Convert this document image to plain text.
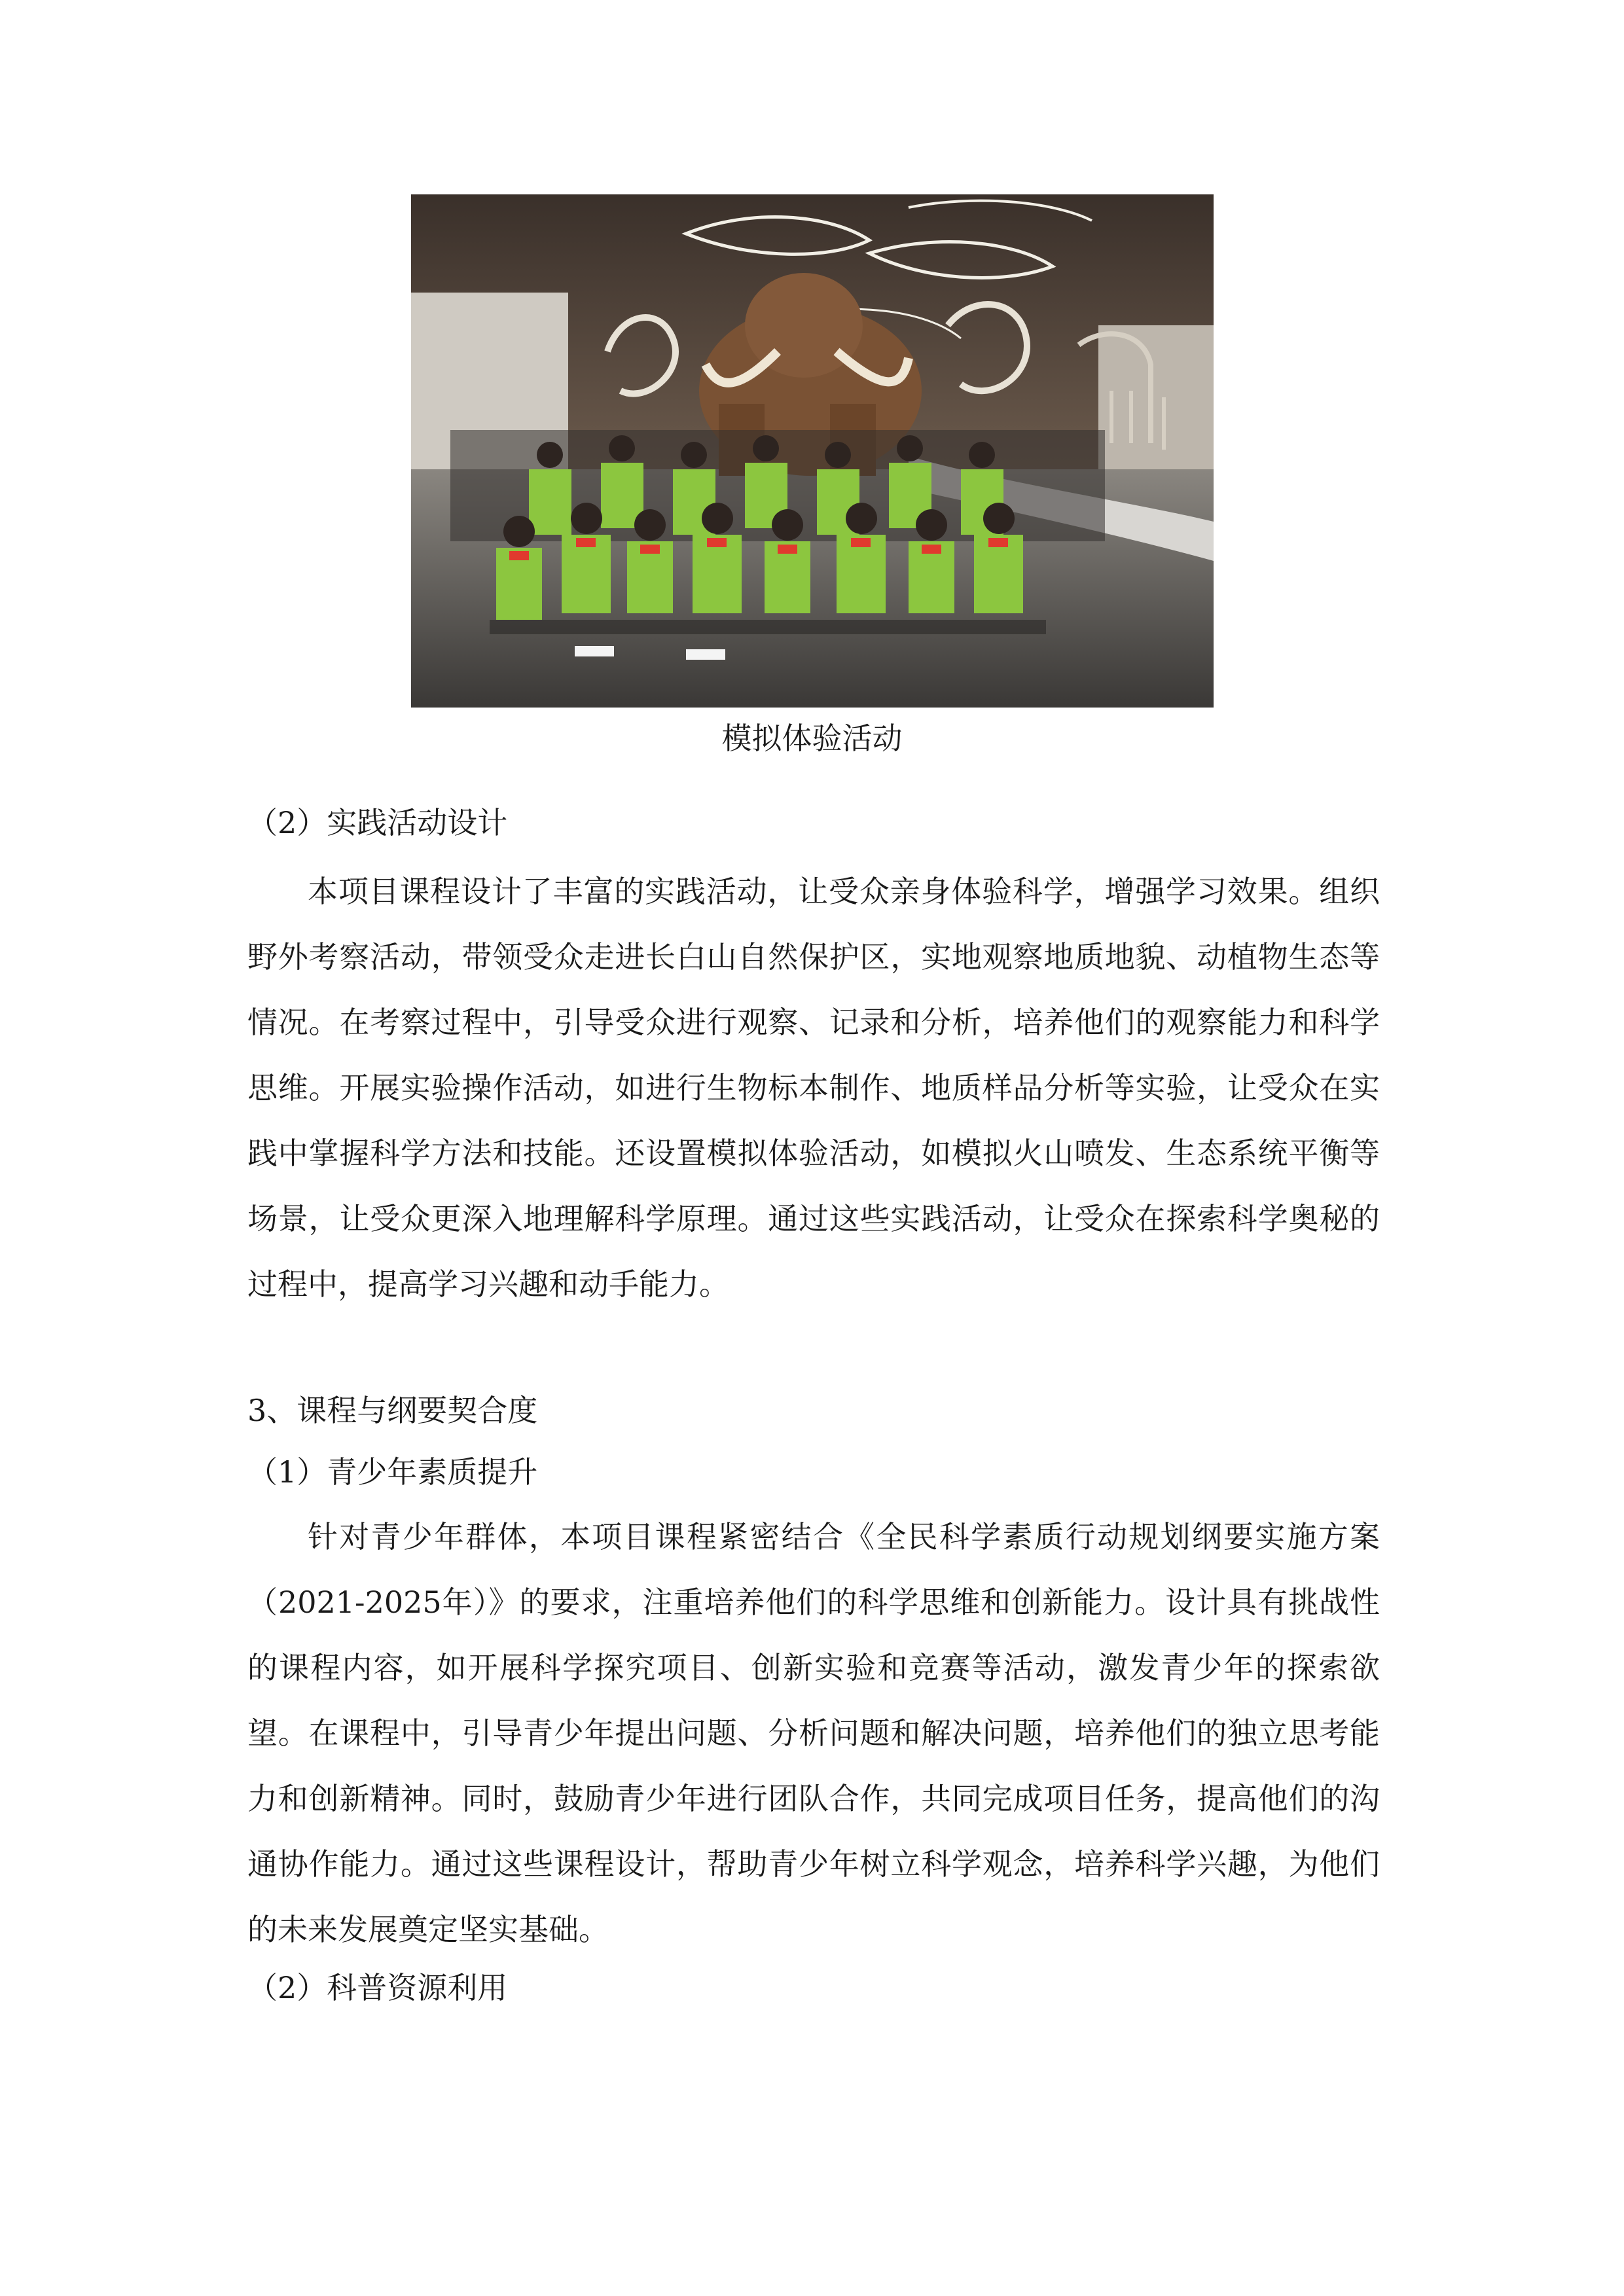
模拟体验活动
（2）实践活动设计

本项目课程设计了丰富的实践活动，让受众亲身体验科学，增强学习效果。组织野外考察活动，带领受众走进长白山自然保护区，实地观察地质地貌、动植物生态等情况。在考察过程中，引导受众进行观察、记录和分析，培养他们的观察能力和科学思维。开展实验操作活动，如进行生物标本制作、地质样品分析等实验，让受众在实践中掌握科学方法和技能。还设置模拟体验活动，如模拟火山喷发、生态系统平衡等场景，让受众更深入地理解科学原理。通过这些实践活动，让受众在探索科学奥秘的过程中，提高学习兴趣和动手能力。

3、课程与纲要契合度
（1）青少年素质提升

针对青少年群体，本项目课程紧密结合《全民科学素质行动规划纲要实施方案（2021-2025年）》的要求，注重培养他们的科学思维和创新能力。设计具有挑战性的课程内容，如开展科学探究项目、创新实验和竞赛等活动，激发青少年的探索欲望。在课程中，引导青少年提出问题、分析问题和解决问题，培养他们的独立思考能力和创新精神。同时，鼓励青少年进行团队合作，共同完成项目任务，提高他们的沟通协作能力。通过这些课程设计，帮助青少年树立科学观念，培养科学兴趣，为他们的未来发展奠定坚实基础。

（2）科普资源利用
